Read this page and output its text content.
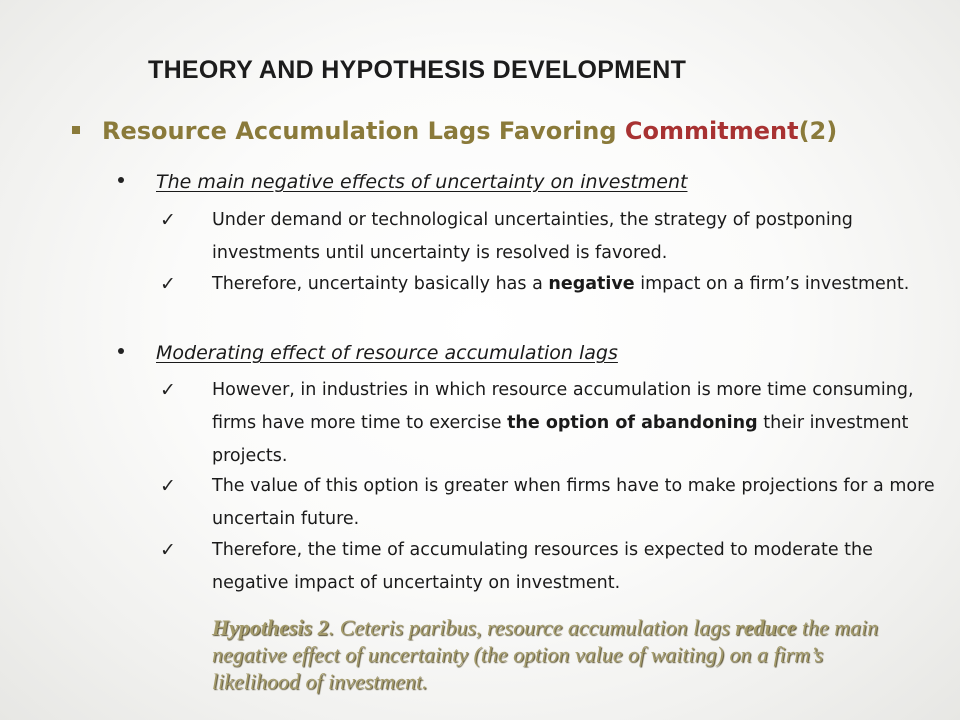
THEORY AND HYPOTHESIS DEVELOPMENT
Resource Accumulation Lags Favoring Commitment(2)
The main negative effects of uncertainty on investment
✓ Under demand or technological uncertainties, the strategy of postponing investments until uncertainty is resolved is favored.
✓ Therefore, uncertainty basically has a negative impact on a firm’s investment.
Moderating effect of resource accumulation lags
✓ However, in industries in which resource accumulation is more time consuming, firms have more time to exercise the option of abandoning their investment projects.
✓ The value of this option is greater when firms have to make projections for a more uncertain future.
✓ Therefore, the time of accumulating resources is expected to moderate the negative impact of uncertainty on investment.
Hypothesis 2. Ceteris paribus, resource accumulation lags reduce the main negative effect of uncertainty (the option value of waiting) on a firm’s likelihood of investment.
